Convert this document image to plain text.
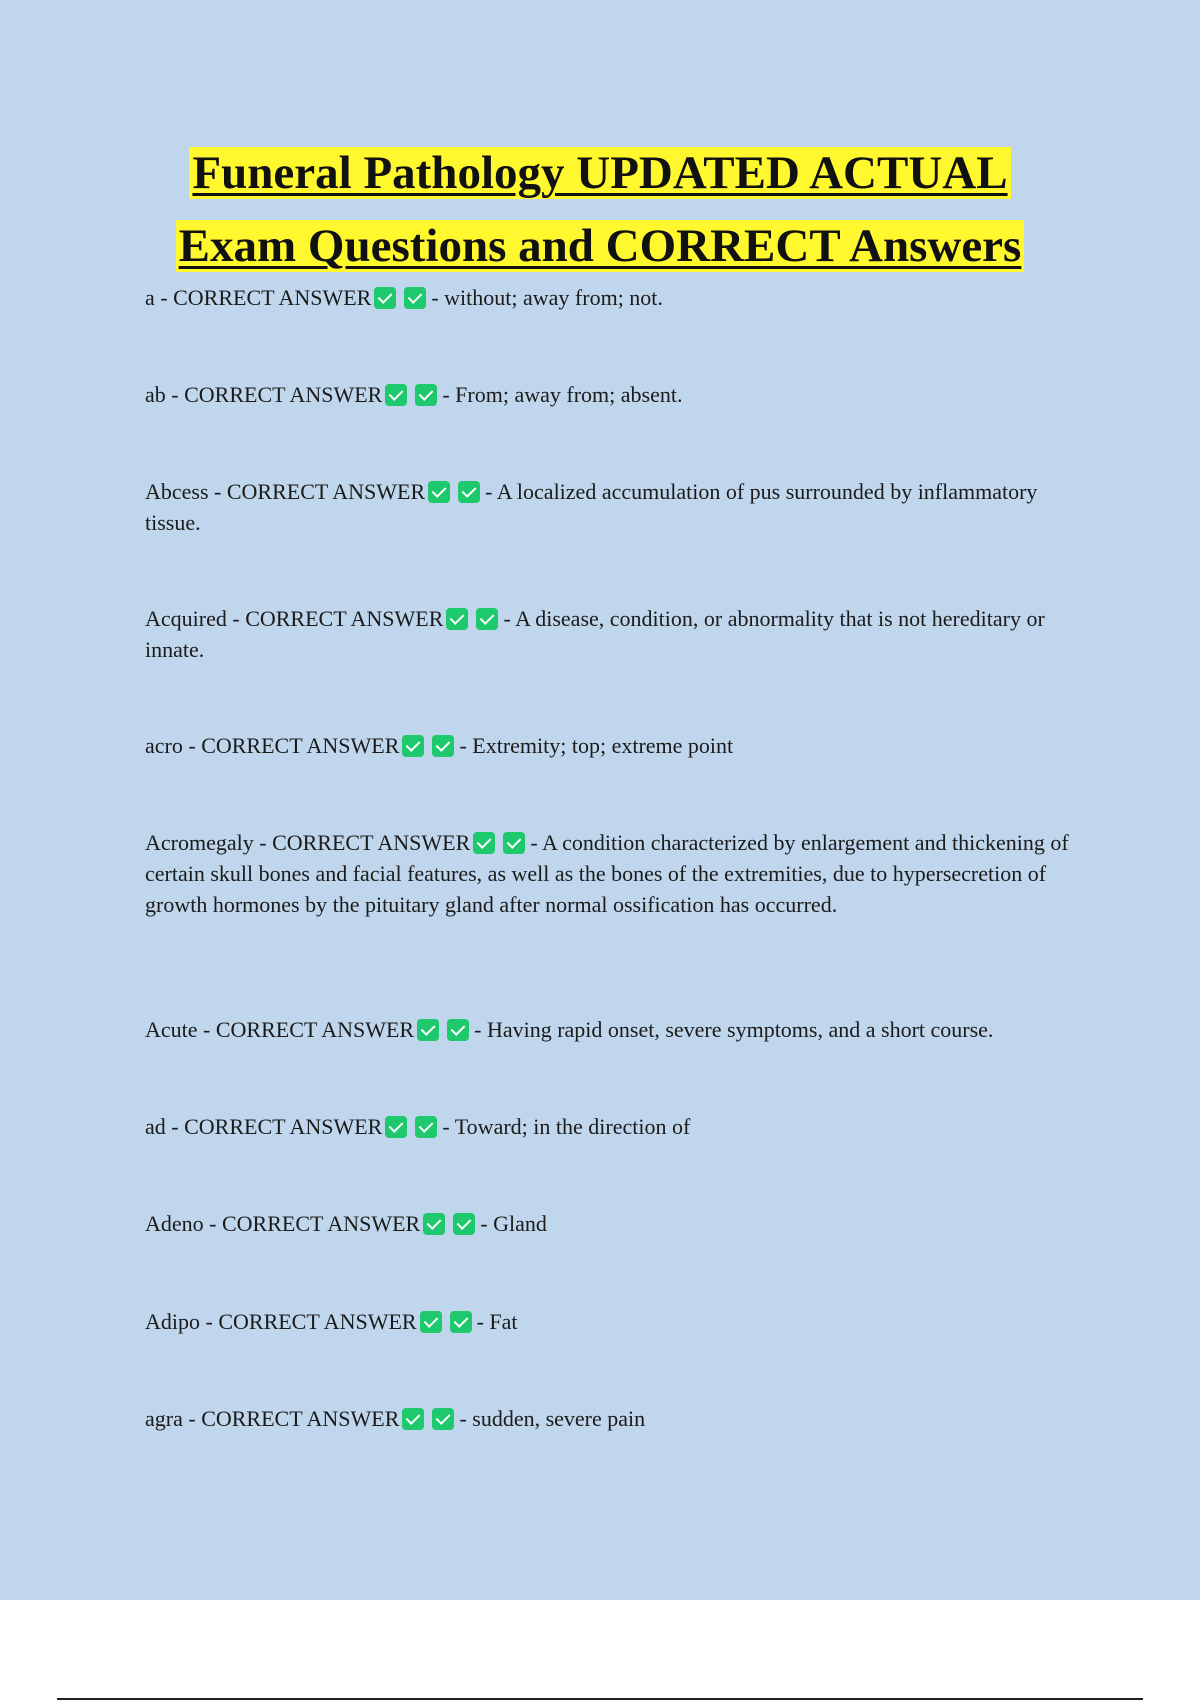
Funeral Pathology UPDATED ACTUAL
Exam Questions and CORRECT Answers
a - CORRECT ANSWER	- without; away from; not.
ab - CORRECT ANSWER	- From; away from; absent.
Abcess - CORRECT ANSWER	- A localized accumulation of pus surrounded by inflammatory tissue.
Acquired - CORRECT ANSWER	- A disease, condition, or abnormality that is not hereditary or innate.
acro - CORRECT ANSWER	- Extremity; top; extreme point
Acromegaly - CORRECT ANSWER	- A condition characterized by enlargement and thickening of certain skull bones and facial features, as well as the bones of the extremities, due to hypersecretion of growth hormones by the pituitary gland after normal ossification has occurred.
Acute - CORRECT ANSWER	- Having rapid onset, severe symptoms, and a short course.
ad - CORRECT ANSWER	- Toward; in the direction of
Adeno - CORRECT ANSWER	- Gland
Adipo - CORRECT ANSWER	- Fat
agra - CORRECT ANSWER	- sudden, severe pain
